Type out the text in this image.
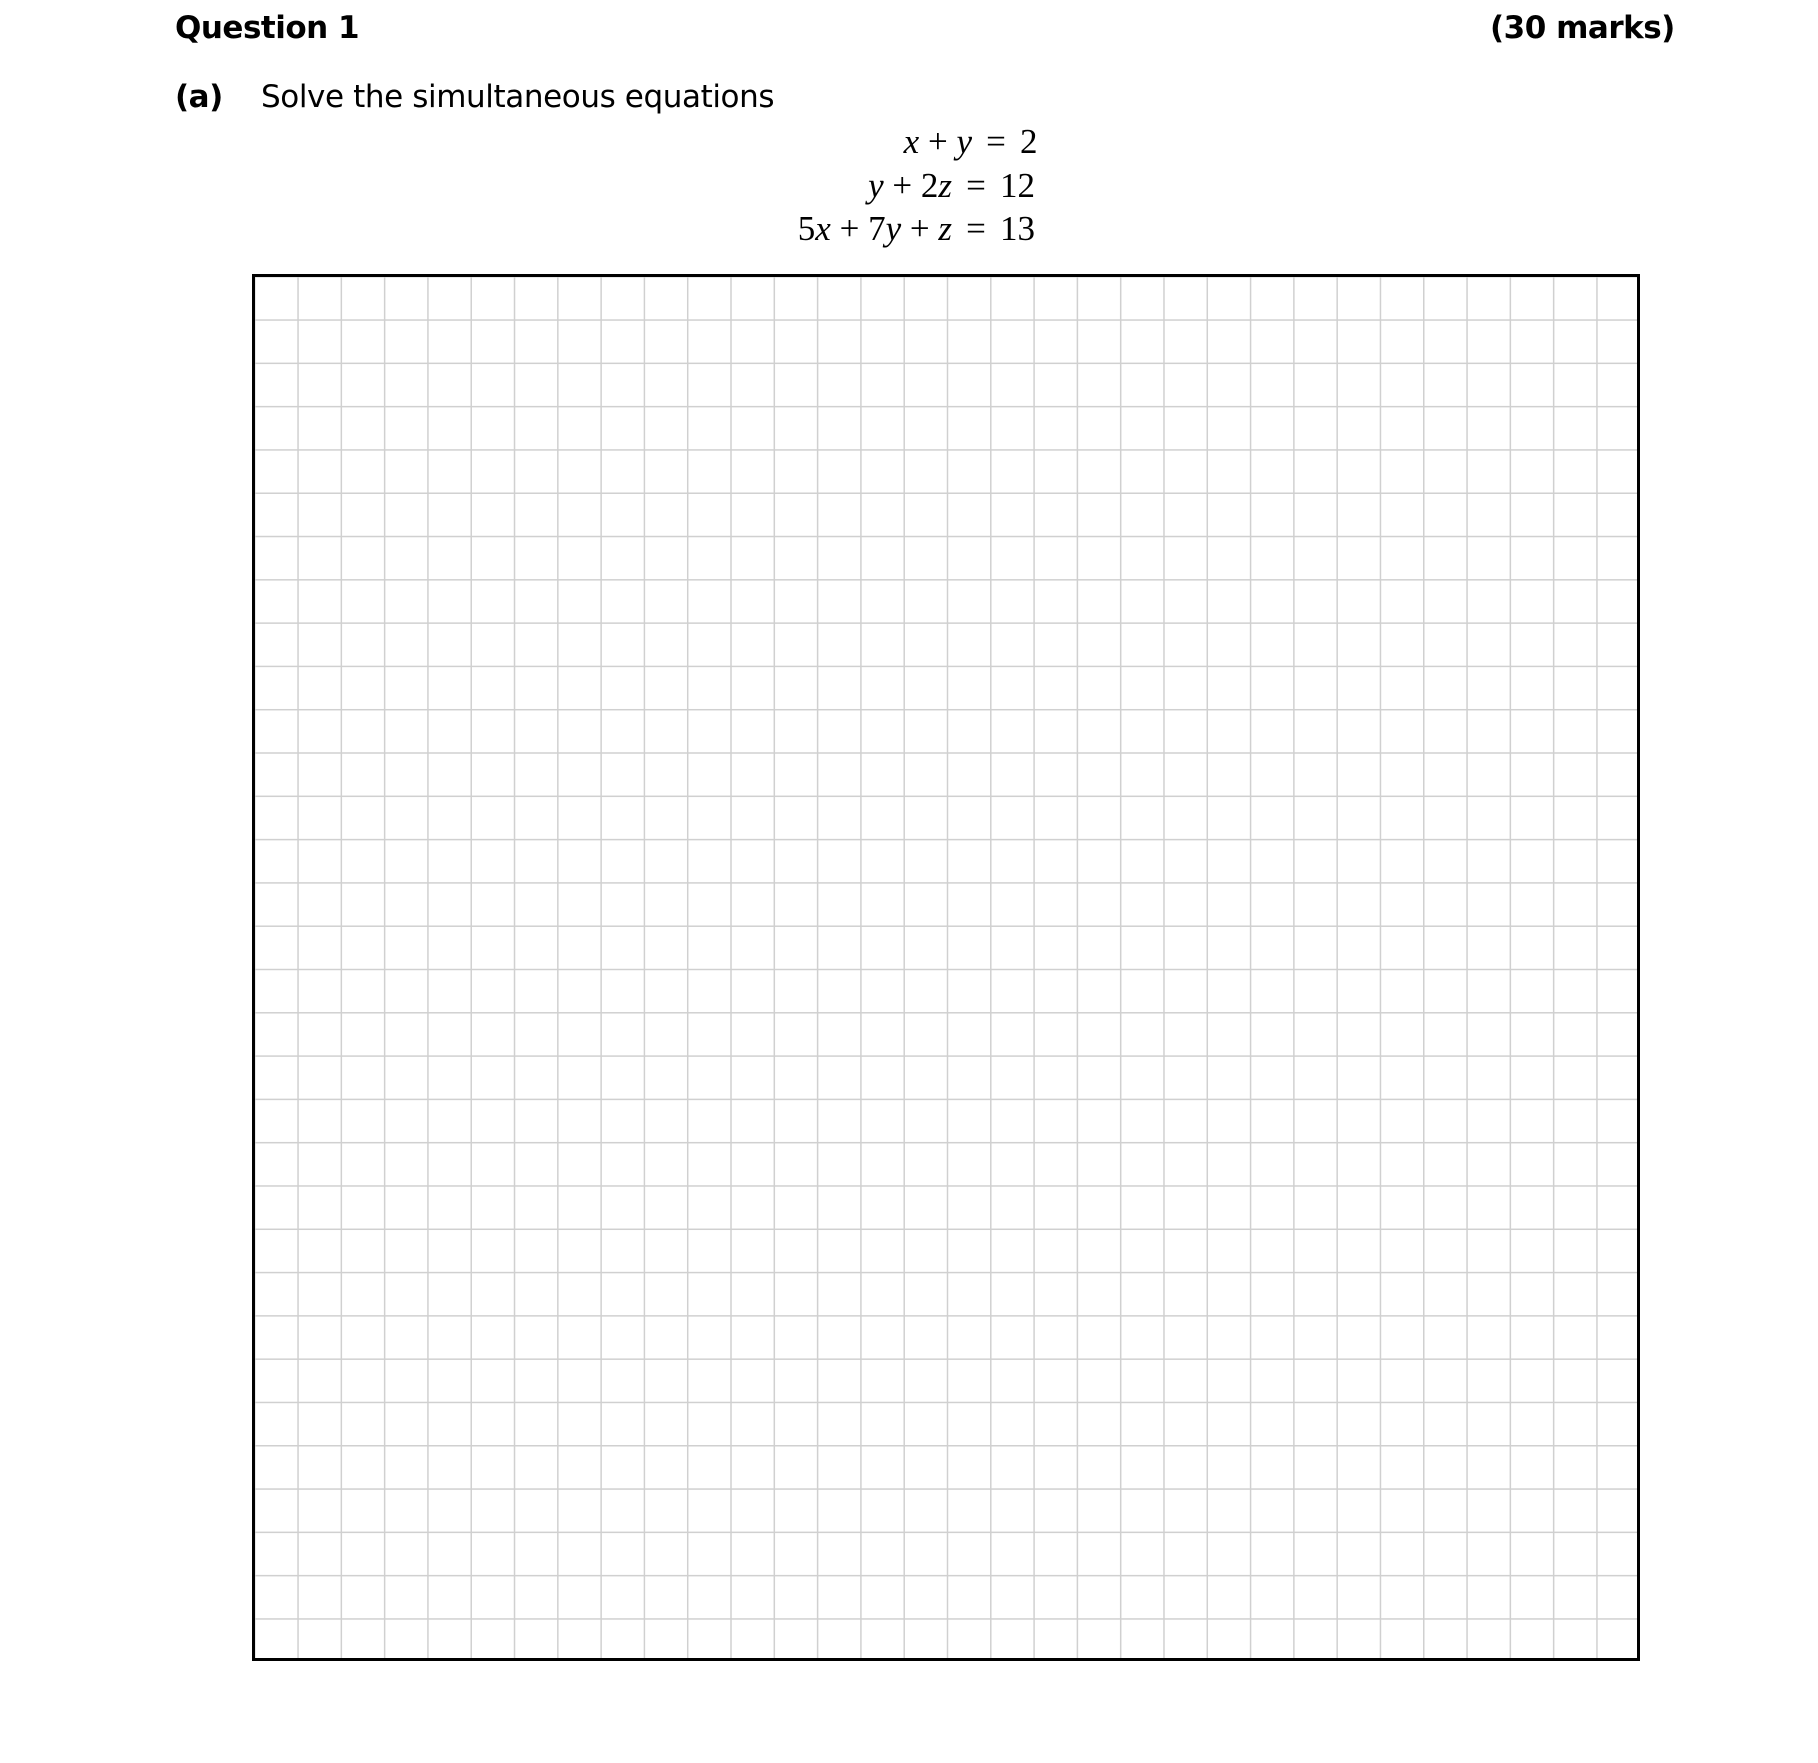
Question 1	(30 marks)
(a) Solve the simultaneous equations
x + y = 2
y + 2z = 12
5x + 7y + z = 13
